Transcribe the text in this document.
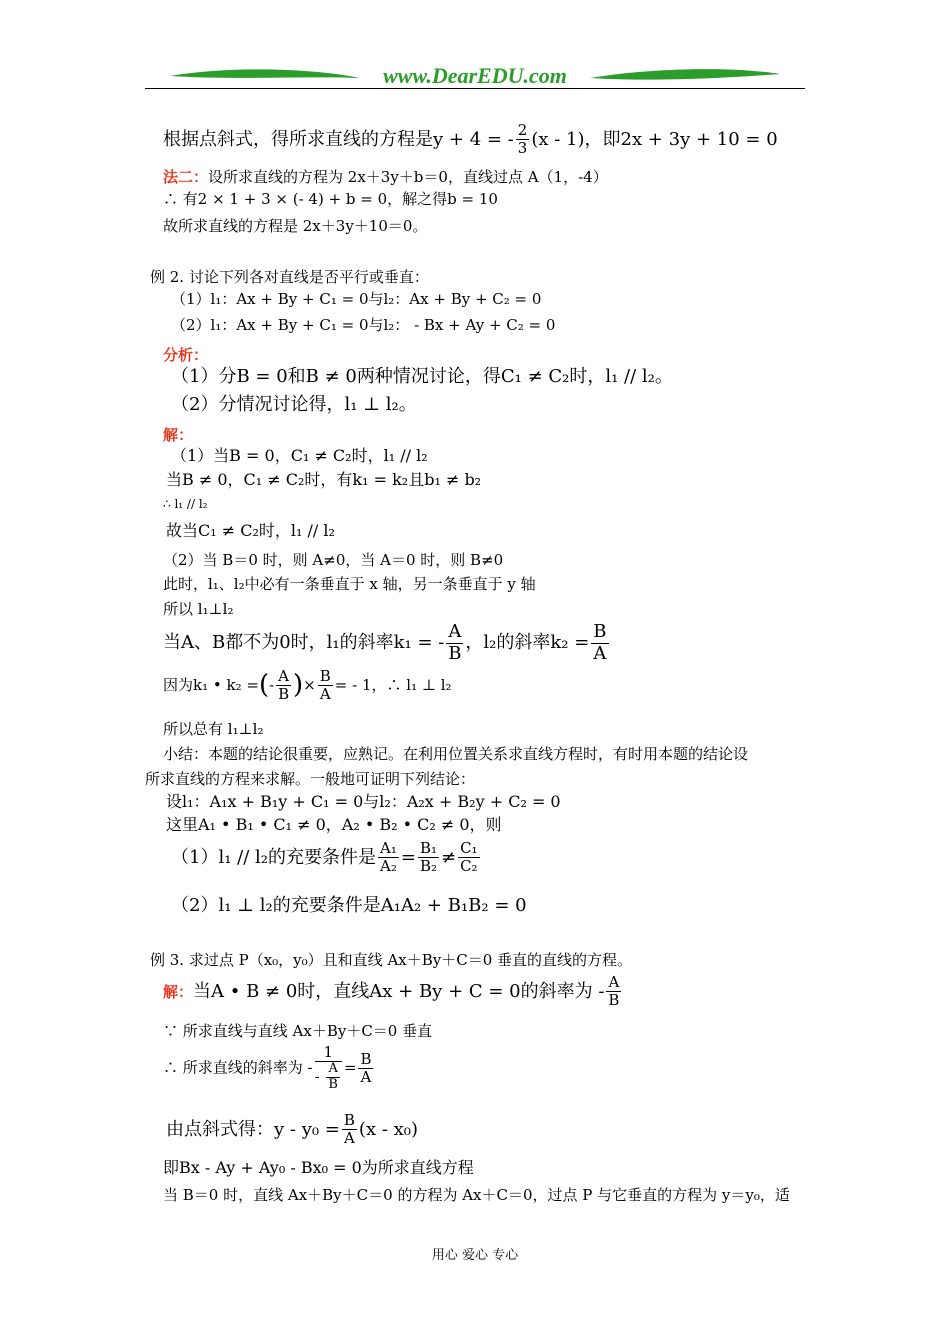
www.DearEDU.com
根据点斜式，得所求直线的方程是y + 4 = - $\frac{2}{3} (x - 1)$，即2x + 3y + 10 = 0
法二：设所求直线的方程为 2x＋3y＋b＝0，直线过点 A（1，-4）
∴ 有2 × 1 + 3 × (- 4) + b = 0，解之得b = 10
故所求直线的方程是 2x＋3y＋10＝0。
例 2. 讨论下列各对直线是否平行或垂直：
（1）l₁：Ax + By + C₁ = 0与l₂：Ax + By + C₂ = 0
（2）l₁：Ax + By + C₁ = 0与l₂： - Bx + Ay + C₂ = 0
分析：
（1）分B = 0和B ≠ 0两种情况讨论，得C₁ ≠ C₂时，l₁ // l₂。
（2）分情况讨论得，l₁ ⊥ l₂。
解：
（1）当B = 0，C₁ ≠ C₂时，l₁ // l₂
当B ≠ 0，C₁ ≠ C₂时，有k₁ = k₂且b₁ ≠ b₂
∴ l₁ // l₂
故当C₁ ≠ C₂时，l₁ // l₂
（2）当 B＝0 时，则 A≠0，当 A＝0 时，则 B≠0
此时，l₁、l₂中必有一条垂直于 x 轴，另一条垂直于 y 轴
所以 l₁⊥l₂
当A、B都不为0时，l₁的斜率k₁ = - $\frac{A}{B}$ ，l₂的斜率$k_2 = \frac{B}{A}$
因为k₁ • k₂ =(- $\frac{A}{B}$ )× $\frac{B}{A}$ = - 1，∴ l₁ ⊥ l₂
所以总有 l₁⊥l₂
小结：本题的结论很重要，应熟记。在利用位置关系求直线方程时，有时用本题的结论设
所求直线的方程来求解。一般地可证明下列结论：
设l₁：A₁x + B₁y + C₁ = 0与l₂：A₂x + B₂y + C₂ = 0
这里A₁ • B₁ • C₁ ≠ 0，A₂ • B₂ • C₂ ≠ 0，则
（1）l₁ // l₂的充要条件是 $\frac{\text{A₁}}{\text{A₂}} = \frac{\text{B₁}}{\text{B₂}} \ne \frac{\text{C₁}}{\text{C₂}}$
（2）l₁ ⊥ l₂的充要条件是A₁A₂ + B₁B₂ = 0
例 3. 求过点 P（x₀，y₀）且和直线 Ax＋By＋C＝0 垂直的直线的方程。
解：当A • B ≠ 0时，直线Ax + By + C = 0的斜率为 - $\frac{A}{B}$
∵ 所求直线与直线 Ax＋By＋C＝0 垂直
∴ 所求直线的斜率为 - $\frac{1}{- \frac{A}{B}} = \frac{B}{A}$
由点斜式得：$y - y_0 = \frac{B}{A} (x - x_0)$
即Bx - Ay + Ay₀ - Bx₀ = 0为所求直线方程
当 B＝0 时，直线 Ax＋By＋C＝0 的方程为 Ax＋C＝0，过点 P 与它垂直的方程为 y＝y₀，适
用心 爱心 专心
